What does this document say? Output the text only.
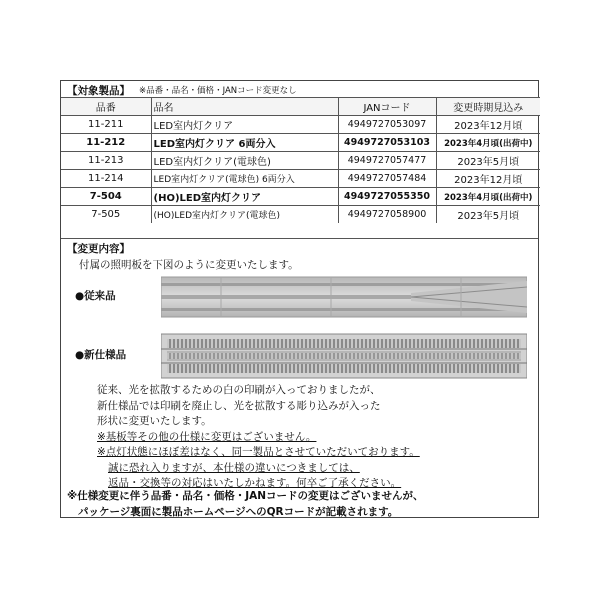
【対象製品】 ※品番・品名・価格・JANコード変更なし
品番	品名	JANコード	変更時期見込み
11-211	LED室内灯クリア	4949727053097	2023年12月頃
11-212	LED室内灯クリア 6両分入	4949727053103	2023年4月頃(出荷中)
11-213	LED室内灯クリア(電球色)	4949727057477	2023年5月頃
11-214	LED室内灯クリア(電球色) 6両分入	4949727057484	2023年12月頃
7-504	(HO)LED室内灯クリア	4949727055350	2023年4月頃(出荷中)
7-505	(HO)LED室内灯クリア(電球色)	4949727058900	2023年5月頃
【変更内容】
付属の照明板を下図のように変更いたします。
●従来品
●新仕様品
従来、光を拡散するための白の印刷が入っておりましたが、
新仕様品では印刷を廃止し、光を拡散する彫り込みが入った
形状に変更いたします。
※基板等その他の仕様に変更はございません。
※点灯状態にほぼ差はなく、同一製品とさせていただいております。
誠に恐れ入りますが、本仕様の違いにつきましては、
返品・交換等の対応はいたしかねます。何卒ご了承ください。
※仕様変更に伴う品番・品名・価格・JANコードの変更はございませんが、
パッケージ裏面に製品ホームページへのQRコードが記載されます。
